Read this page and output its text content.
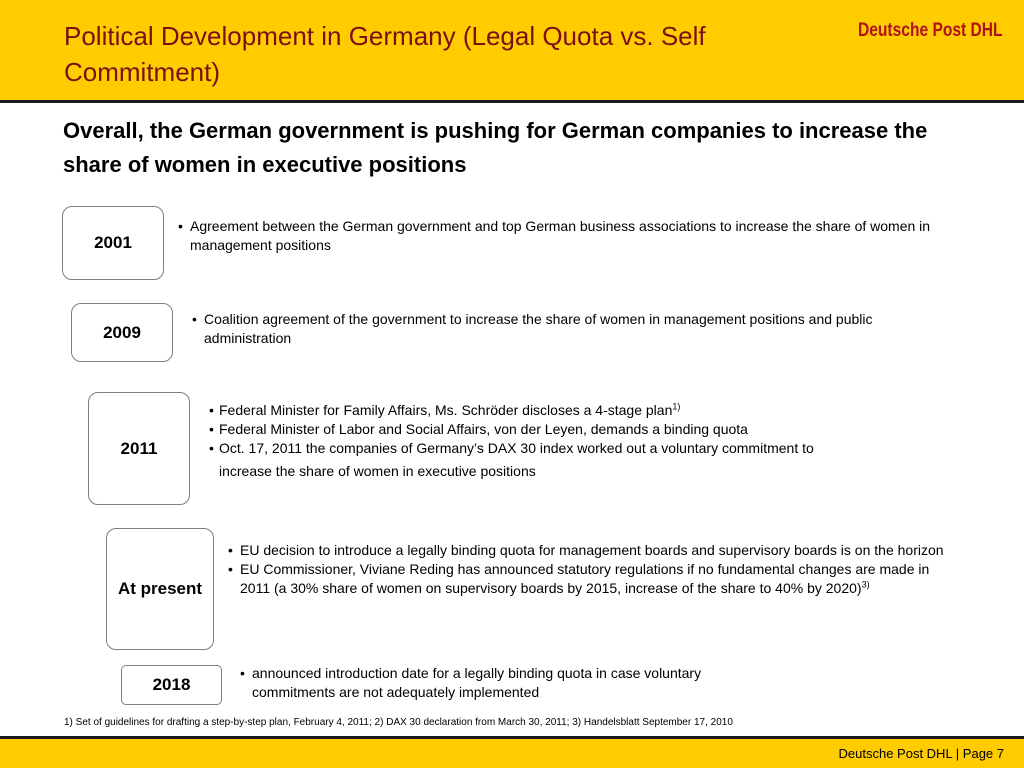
Political Development in Germany (Legal Quota vs. Self Commitment)
Deutsche Post DHL
Overall, the German government is pushing for German companies to increase the share of women in executive positions
2001
• Agreement between the German government and top German business associations to increase the share of women in management positions
2009
• Coalition agreement of the government to increase the share of women in management positions and public administration
2011
• Federal Minister for Family Affairs, Ms. Schröder discloses a 4-stage plan$^{1)}$
• Federal Minister of Labor and Social Affairs, von der Leyen, demands a binding quota
• Oct. 17, 2011 the companies of Germany’s DAX 30 index worked out a voluntary commitment to
increase the share of women in executive positions
At present
• EU decision to introduce a legally binding quota for management boards and supervisory boards is on the horizon
• EU Commissioner, Viviane Reding has announced statutory regulations if no fundamental changes are made in 2011 (a 30% share of women on supervisory boards by 2015, increase of the share to 40% by 2020)$^{3)}$
2018
• announced introduction date for a legally binding quota in case voluntary commitments are not adequately implemented
1) Set of guidelines for drafting a step-by-step plan, February 4, 2011; 2) DAX 30 declaration from March 30, 2011; 3) Handelsblatt September 17, 2010
Deutsche Post DHL | Page 7
